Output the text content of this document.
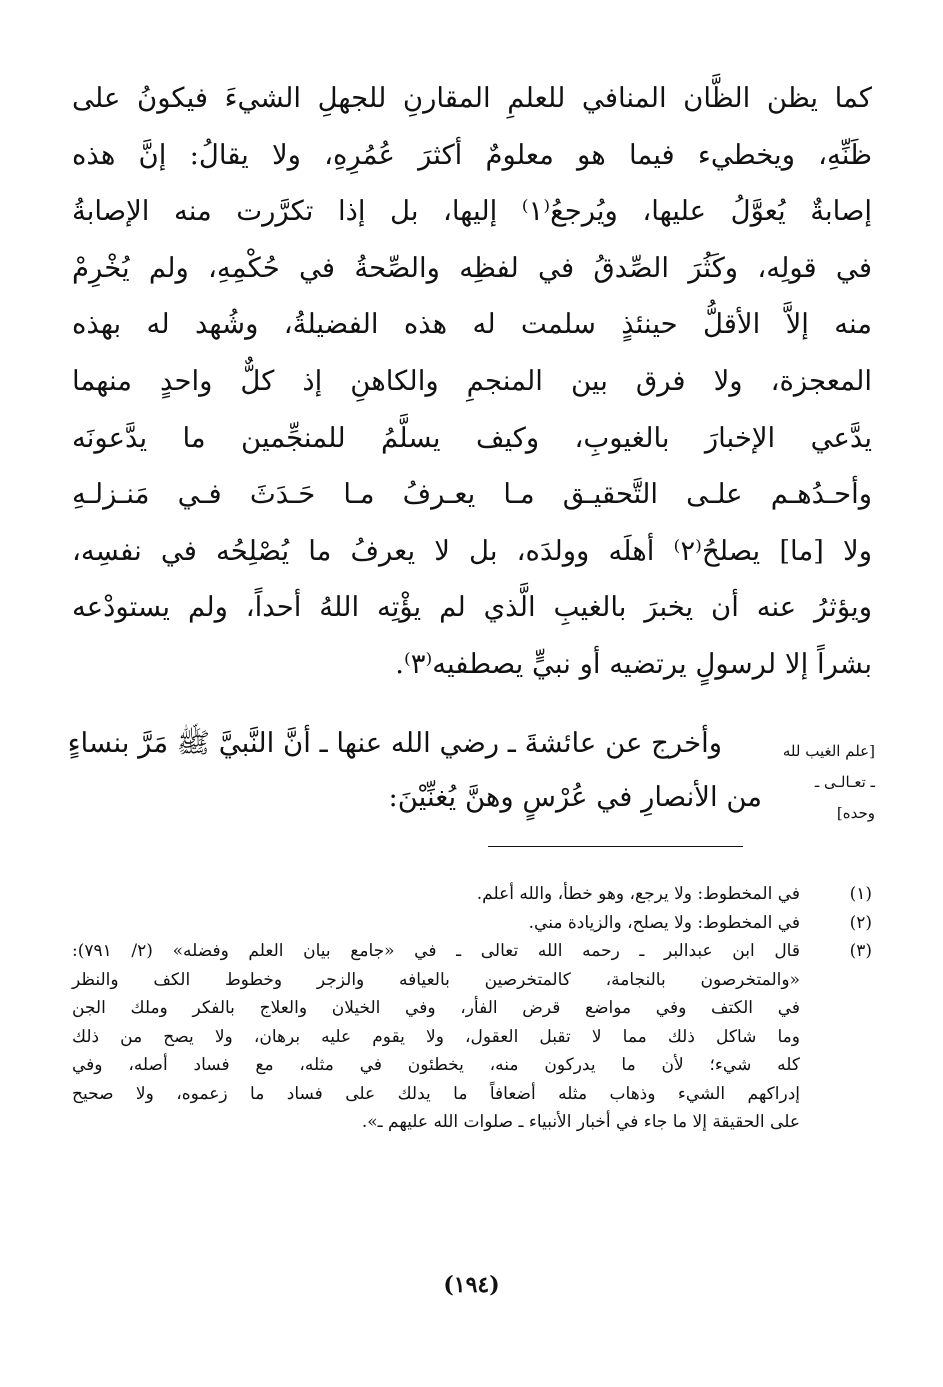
كما يظن الظَّان المنافي للعلمِ المقارنِ للجهلِ الشيءَ فيكونُ على
ظَنِّهِ، ويخطيء فيما هو معلومٌ أكثرَ عُمُرِهِ، ولا يقالُ: إنَّ هذه
إصابةٌ يُعوَّلُ عليها، ويُرجعُ⁽١⁾ إليها، بل إذا تكرَّرت منه الإصابةُ
في قولِه، وكَثُرَ الصِّدقُ في لفظِه والصِّحةُ في حُكْمِهِ، ولم يُخْرِمْ
منه إلاَّ الأقلُّ حينئذٍ سلمت له هذه الفضيلةُ، وشُهد له بهذه
المعجزة، ولا فرق بين المنجمِ والكاهنِ إذ كلٌّ واحدٍ منهما
يدَّعي الإخبارَ بالغيوبِ، وكيف يسلَّمُ للمنجِّمين ما يدَّعونَه
وأحـدُهـم علـى التَّحقيـق مـا يعـرفُ مـا حَـدَثَ فـي مَنـزلـهِ
ولا [ما] يصلحُ⁽٢⁾ أهلَه وولدَه، بل لا يعرفُ ما يُصْلِحُه في نفسِه،
ويؤثرُ عنه أن يخبرَ بالغيبِ الَّذي لم يؤْتِه اللهُ أحداً، ولم يستودْعه
بشراً إلا لرسولٍ يرتضيه أو نبيٍّ يصطفيه⁽٣⁾.
وأخرج عن عائشةَ ـ رضي الله عنها ـ أنَّ النَّبيَّ ﷺ مَرَّ بنساءٍ
من الأنصارِ في عُرْسٍ وهنَّ يُغنِّيْنَ:
[علم الغيب لله
ـ تعـالـى ـ
وحده]
(١)
في المخطوط: ولا يرجع، وهو خطأ، والله أعلم.
(٢)
في المخطوط: ولا يصلح، والزيادة مني.
(٣)
قال ابن عبدالبر ـ رحمه الله تعالى ـ في «جامع بيان العلم وفضله» (٢/ ٧٩١):
«والمتخرصون بالنجامة، كالمتخرصين بالعيافه والزجر وخطوط الكف والنظر
في الكتف وفي مواضع قرض الفأر، وفي الخيلان والعلاج بالفكر وملك الجن
وما شاكل ذلك مما لا تقبل العقول، ولا يقوم عليه برهان، ولا يصح من ذلك
كله شيء؛ لأن ما يدركون منه، يخطئون في مثله، مع فساد أصله، وفي
إدراكهم الشيء وذهاب مثله أضعافاً ما يدلك على فساد ما زعموه، ولا صحيح
على الحقيقة إلا ما جاء في أخبار الأنبياء ـ صلوات الله عليهم ـ».
(١٩٤)
